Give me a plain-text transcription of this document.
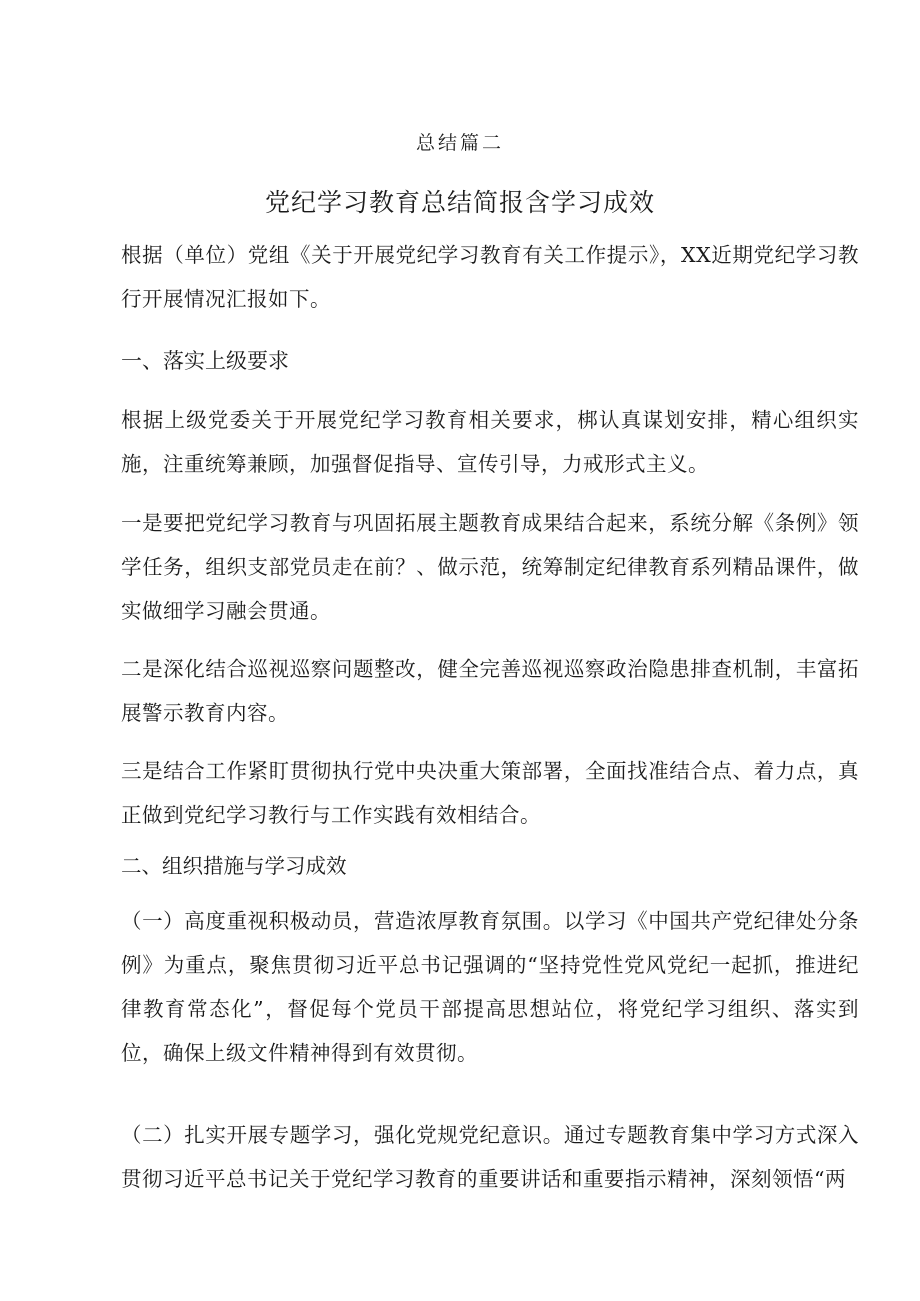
总结篇二
党纪学习教育总结简报含学习成效

根据（单位）党组《关于开展党纪学习教育有关工作提示》，XX近期党纪学习教行开展情况汇报如下。

一、落实上级要求

根据上级党委关于开展党纪学习教育相关要求，梆认真谋划安排，精心组织实施，注重统筹兼顾，加强督促指导、宣传引导，力戒形式主义。

一是要把党纪学习教育与巩固拓展主题教育成果结合起来，系统分解《条例》领学任务，组织支部党员走在前？、做示范，统筹制定纪律教育系列精品课件，做实做细学习融会贯通。

二是深化结合巡视巡察问题整改，健全完善巡视巡察政治隐患排查机制，丰富拓展警示教育内容。

三是结合工作紧盯贯彻执行党中央决重大策部署，全面找准结合点、着力点，真正做到党纪学习教行与工作实践有效相结合。

二、组织措施与学习成效

（一）高度重视积极动员，营造浓厚教育氛围。以学习《中国共产党纪律处分条例》为重点，聚焦贯彻习近平总书记强调的“坚持党性党风党纪一起抓，推进纪律教育常态化”，督促每个党员干部提高思想站位，将党纪学习组织、落实到位，确保上级文件精神得到有效贯彻。

（二）扎实开展专题学习，强化党规党纪意识。通过专题教育集中学习方式深入贯彻习近平总书记关于党纪学习教育的重要讲话和重要指示精神，深刻领悟“两
